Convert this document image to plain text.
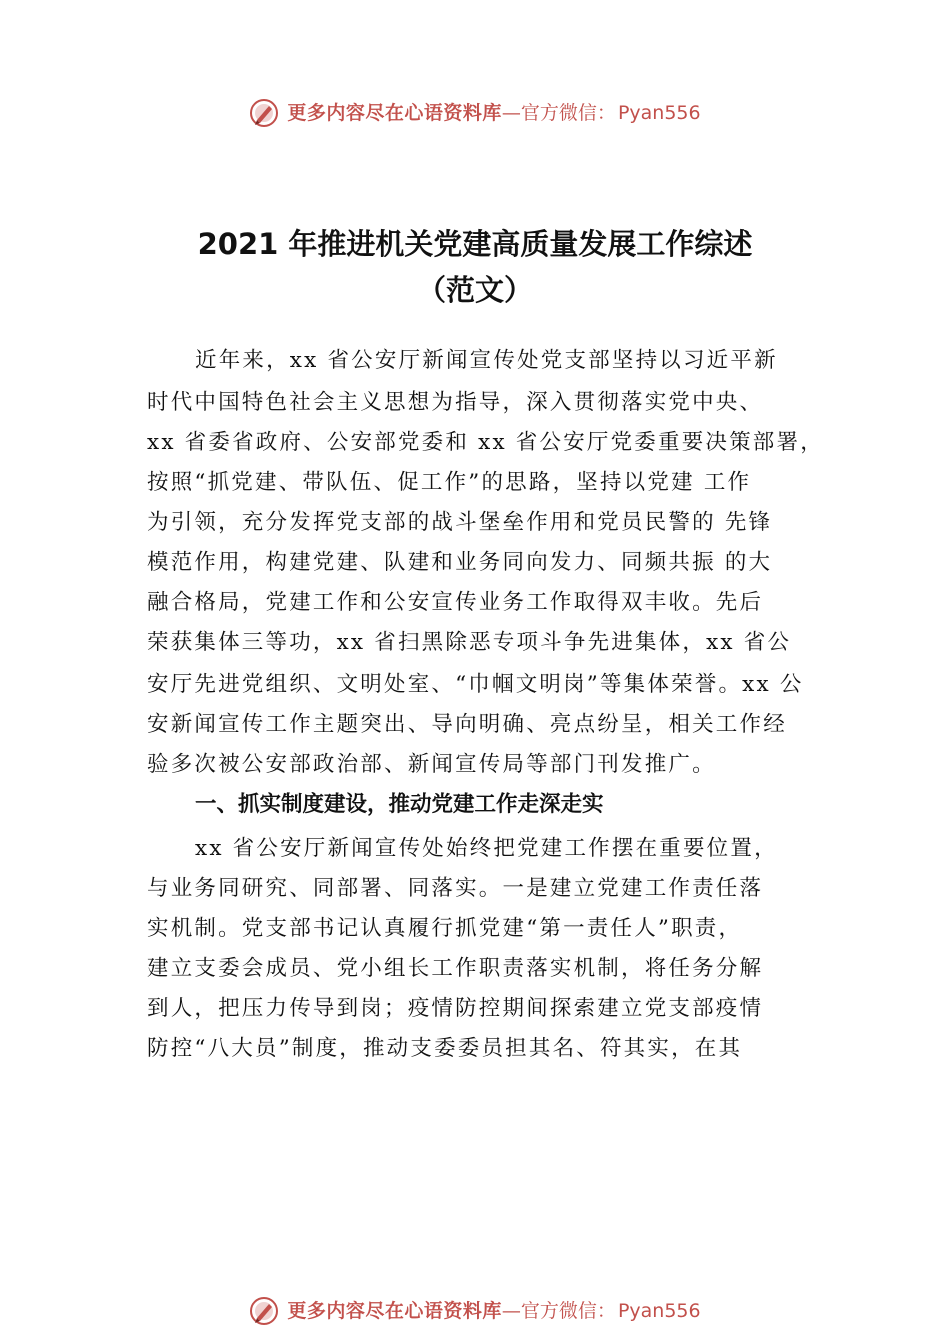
更多内容尽在心语资料库 —官方微信： Pyan556
2021 年推进机关党建高质量发展工作综述
（范文）
近年来，xx 省公安厅新闻宣传处党支部坚持以习近平新
时代中国特色社会主义思想为指导，深入贯彻落实党中央、
xx 省委省政府、公安部党委和 xx 省公安厅党委重要决策部署，
按照“抓党建、带队伍、促工作”的思路，坚持以党建 工作
为引领，充分发挥党支部的战斗堡垒作用和党员民警的 先锋
模范作用，构建党建、队建和业务同向发力、同频共振 的大
融合格局，党建工作和公安宣传业务工作取得双丰收。先后
荣获集体三等功，xx 省扫黑除恶专项斗争先进集体，xx 省公
安厅先进党组织、文明处室、“巾帼文明岗”等集体荣誉。xx 公
安新闻宣传工作主题突出、导向明确、亮点纷呈，相关工作经
验多次被公安部政治部、新闻宣传局等部门刊发推广。
一、抓实制度建设，推动党建工作走深走实
xx 省公安厅新闻宣传处始终把党建工作摆在重要位置，
与业务同研究、同部署、同落实。一是建立党建工作责任落
实机制。党支部书记认真履行抓党建“第一责任人”职责，
建立支委会成员、党小组长工作职责落实机制，将任务分解
到人，把压力传导到岗；疫情防控期间探索建立党支部疫情
防控“八大员”制度，推动支委委员担其名、符其实，在其
更多内容尽在心语资料库 —官方微信： Pyan556
